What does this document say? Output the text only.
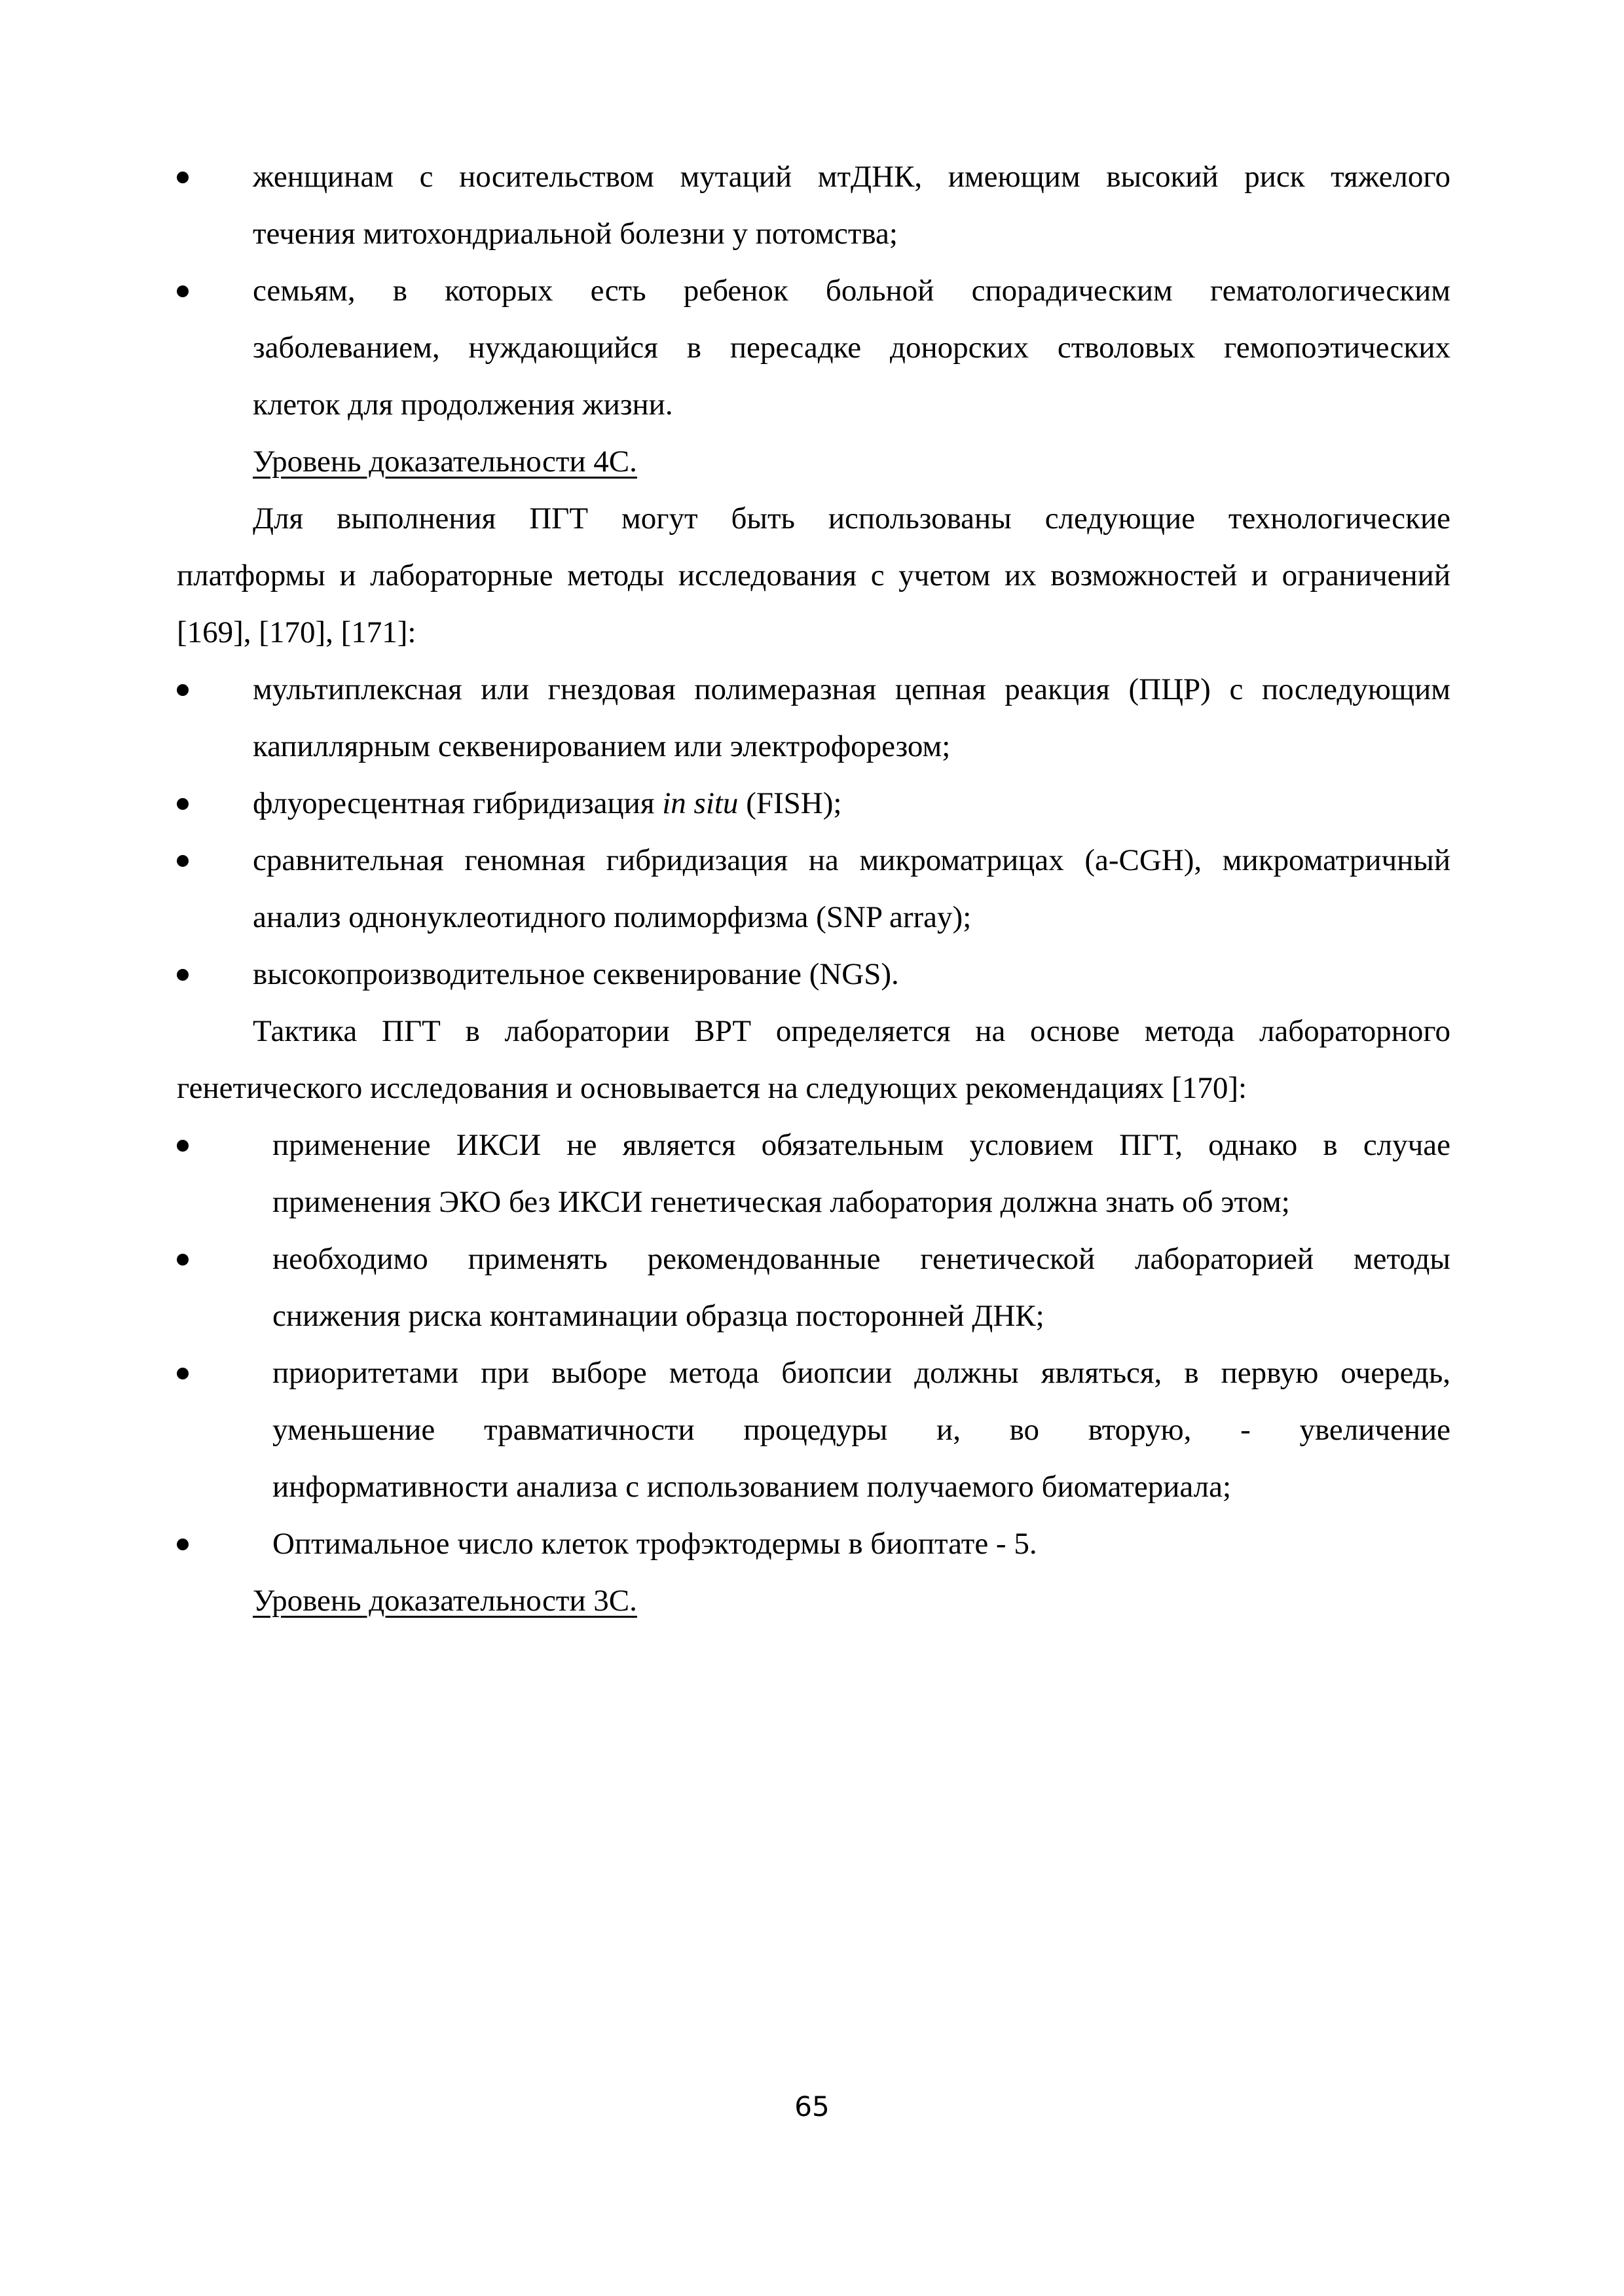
женщинам с носительством мутаций мтДНК, имеющим высокий риск тяжелого
течения митохондриальной болезни у потомства;
семьям, в которых есть ребенок больной спорадическим гематологическим
заболеванием, нуждающийся в пересадке донорских стволовых гемопоэтических
клеток для продолжения жизни.
Уровень доказательности 4С.
Для выполнения ПГТ могут быть использованы следующие технологические
платформы и лабораторные методы исследования с учетом их возможностей и ограничений
[169], [170], [171]:
мультиплексная или гнездовая полимеразная цепная реакция (ПЦР) с последующим
капиллярным секвенированием или электрофорезом;
флуоресцентная гибридизация in situ (FISH);
сравнительная геномная гибридизация на микроматрицах (a-CGH), микроматричный
анализ однонуклеотидного полиморфизма (SNP array);
высокопроизводительное секвенирование (NGS).
Тактика ПГТ в лаборатории ВРТ определяется на основе метода лабораторного
генетического исследования и основывается на следующих рекомендациях [170]:
применение ИКСИ не является обязательным условием ПГТ, однако в случае
применения ЭКО без ИКСИ генетическая лаборатория должна знать об этом;
необходимо применять рекомендованные генетической лабораторией методы
снижения риска контаминации образца посторонней ДНК;
приоритетами при выборе метода биопсии должны являться, в первую очередь,
уменьшение травматичности процедуры и, во вторую, - увеличение
информативности анализа с использованием получаемого биоматериала;
Оптимальное число клеток трофэктодермы в биоптате - 5.
Уровень доказательности 3С.
65
